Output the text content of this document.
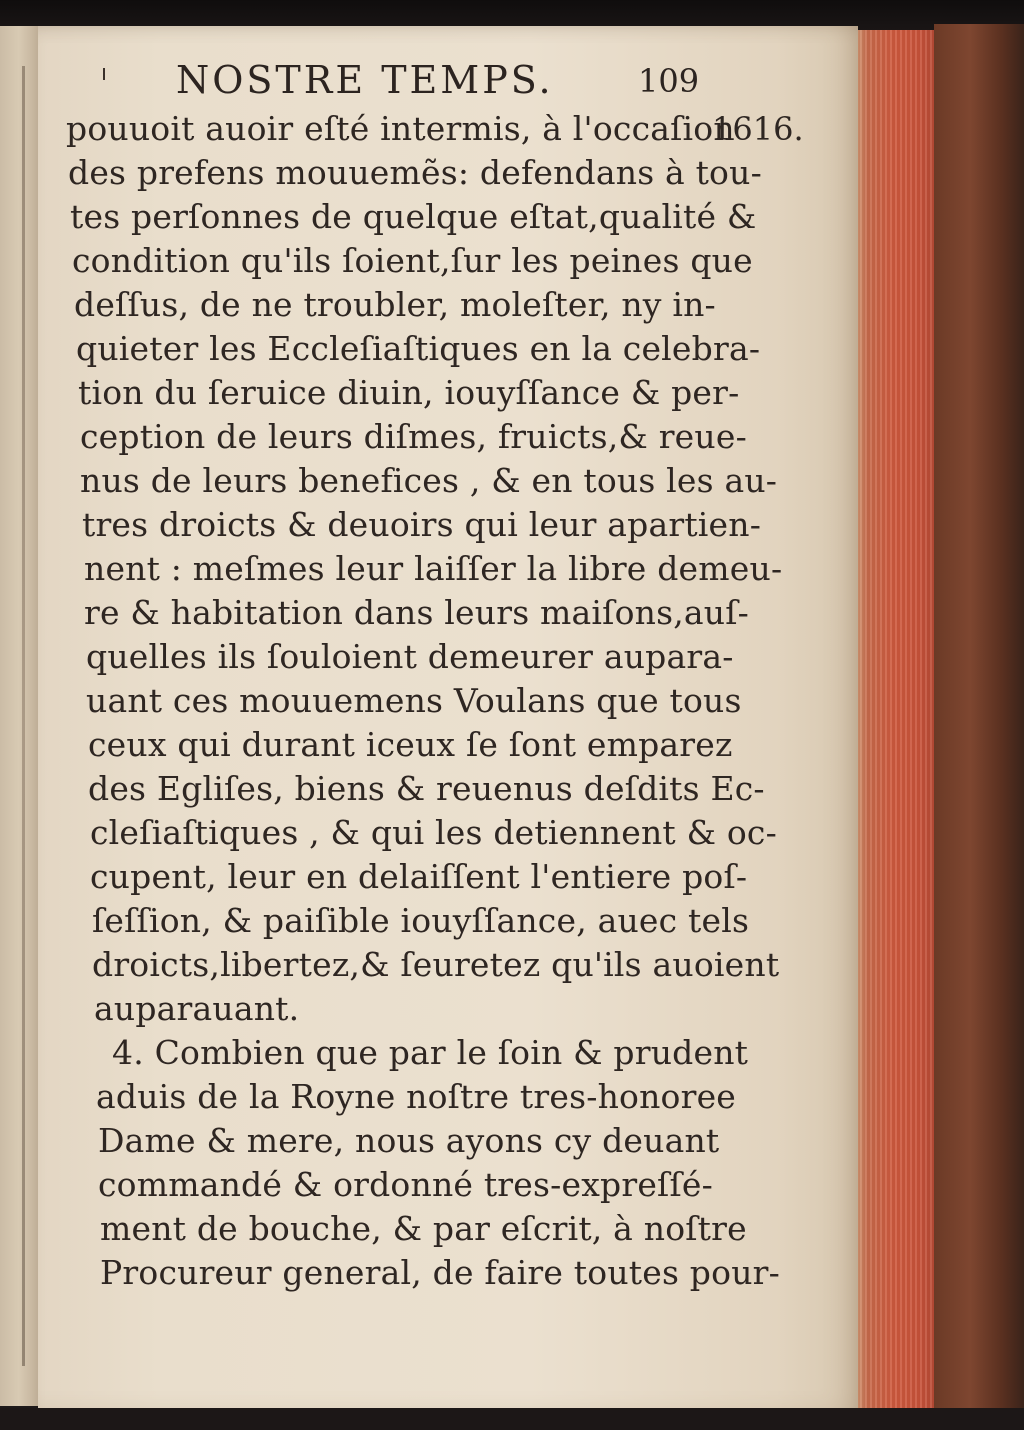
NOSTRE TEMPS.	109
1616.
pouuoit auoir eſté intermis, à l'occaſion
des prefens mouuemẽs: defendans à tou-
tes perſonnes de quelque eſtat,qualité &
condition qu'ils ſoient,ſur les peines que
deſſus, de ne troubler, moleſter, ny in-
quieter les Eccleſiaſtiques en la celebra-
tion du ſeruice diuin, iouyſſance & per-
ception de leurs diſmes, fruicts,& reue-
nus de leurs benefices , & en tous les au-
tres droicts & deuoirs qui leur apartien-
nent : meſmes leur laiſſer la libre demeu-
re & habitation dans leurs maiſons,auſ-
quelles ils ſouloient demeurer aupara-
uant ces mouuemens Voulans que tous
ceux qui durant iceux ſe ſont emparez
des Egliſes, biens & reuenus deſdits Ec-
cleſiaſtiques , & qui les detiennent & oc-
cupent, leur en delaiſſent l'entiere poſ-
ſeſſion, & paiſible iouyſſance, auec tels
droicts,libertez,& ſeuretez qu'ils auoient
auparauant.
4. Combien que par le ſoin & prudent
aduis de la Royne noſtre tres-honoree
Dame & mere, nous ayons cy deuant
commandé & ordonné tres-expreſſé-
ment de bouche, & par eſcrit, à noſtre
Procureur general, de faire toutes pour-
